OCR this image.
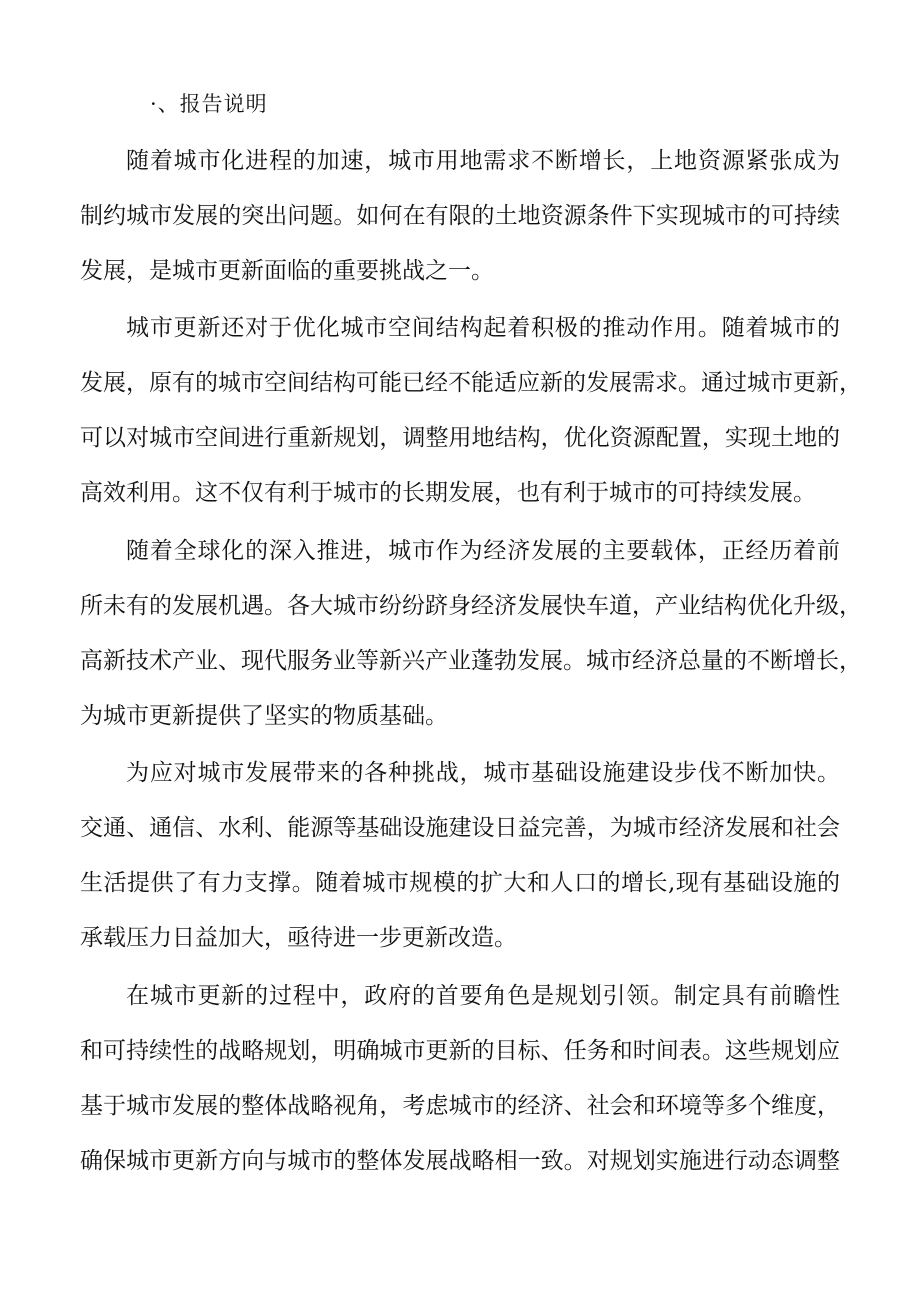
·、报告说明
随着城市化进程的加速，城市用地需求不断增长，上地资源紧张成为
制约城市发展的突出问题。如何在有限的土地资源条件下实现城市的可持续
发展，是城市更新面临的重要挑战之一。
城市更新还对于优化城市空间结构起着积极的推动作用。随着城市的
发展，原有的城市空间结构可能已经不能适应新的发展需求。通过城市更新，
可以对城市空间进行重新规划，调整用地结构，优化资源配置，实现土地的
高效利用。这不仅有利于城市的长期发展，也有利于城市的可持续发展。
随着全球化的深入推进，城市作为经济发展的主要载体，正经历着前
所未有的发展机遇。各大城市纷纷跻身经济发展快车道，产业结构优化升级，
高新技术产业、现代服务业等新兴产业蓬勃发展。城市经济总量的不断增长，
为城市更新提供了坚实的物质基础。
为应对城市发展带来的各种挑战，城市基础设施建设步伐不断加快。
交通、通信、水利、能源等基础设施建设日益完善，为城市经济发展和社会
生活提供了有力支撑。随着城市规模的扩大和人口的增长,现有基础设施的
承载压力日益加大，亟待进一步更新改造。
在城市更新的过程中，政府的首要角色是规划引领。制定具有前瞻性
和可持续性的战略规划，明确城市更新的目标、任务和时间表。这些规划应
基于城市发展的整体战略视角，考虑城市的经济、社会和环境等多个维度，
确保城市更新方向与城市的整体发展战略相一致。对规划实施进行动态调整
